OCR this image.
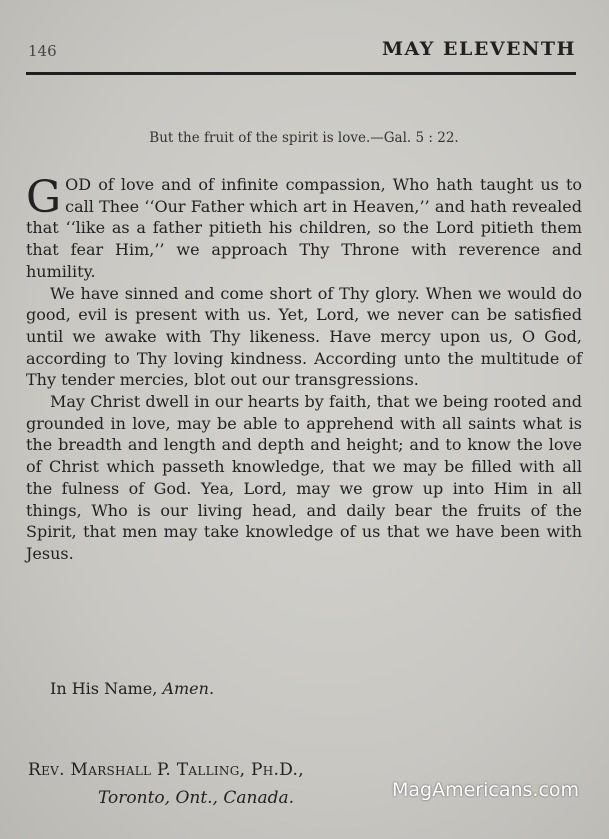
146	MAY ELEVENTH
But the fruit of the spirit is love.—Gal. 5 : 22.

GOD of love and of infinite compassion, Who hath taught us to call Thee ‘‘Our Father which art in Heaven,’’ and hath revealed that ‘‘like as a father pitieth his children, so the Lord pitieth them that fear Him,’’ we approach Thy Throne with reverence and humility.

We have sinned and come short of Thy glory. When we would do good, evil is present with us. Yet, Lord, we never can be satisfied until we awake with Thy likeness. Have mercy upon us, O God, according to Thy loving kindness. According unto the multitude of Thy tender mercies, blot out our transgressions.

May Christ dwell in our hearts by faith, that we being rooted and grounded in love, may be able to apprehend with all saints what is the breadth and length and depth and height; and to know the love of Christ which passeth knowledge, that we may be filled with all the fulness of God. Yea, Lord, may we grow up into Him in all things, Who is our living head, and daily bear the fruits of the Spirit, that men may take knowledge of us that we have been with Jesus.

In His Name, Amen.
Rev. Marshall P. Talling, Ph.D.,
Toronto, Ont., Canada.	MagAmericans.com
